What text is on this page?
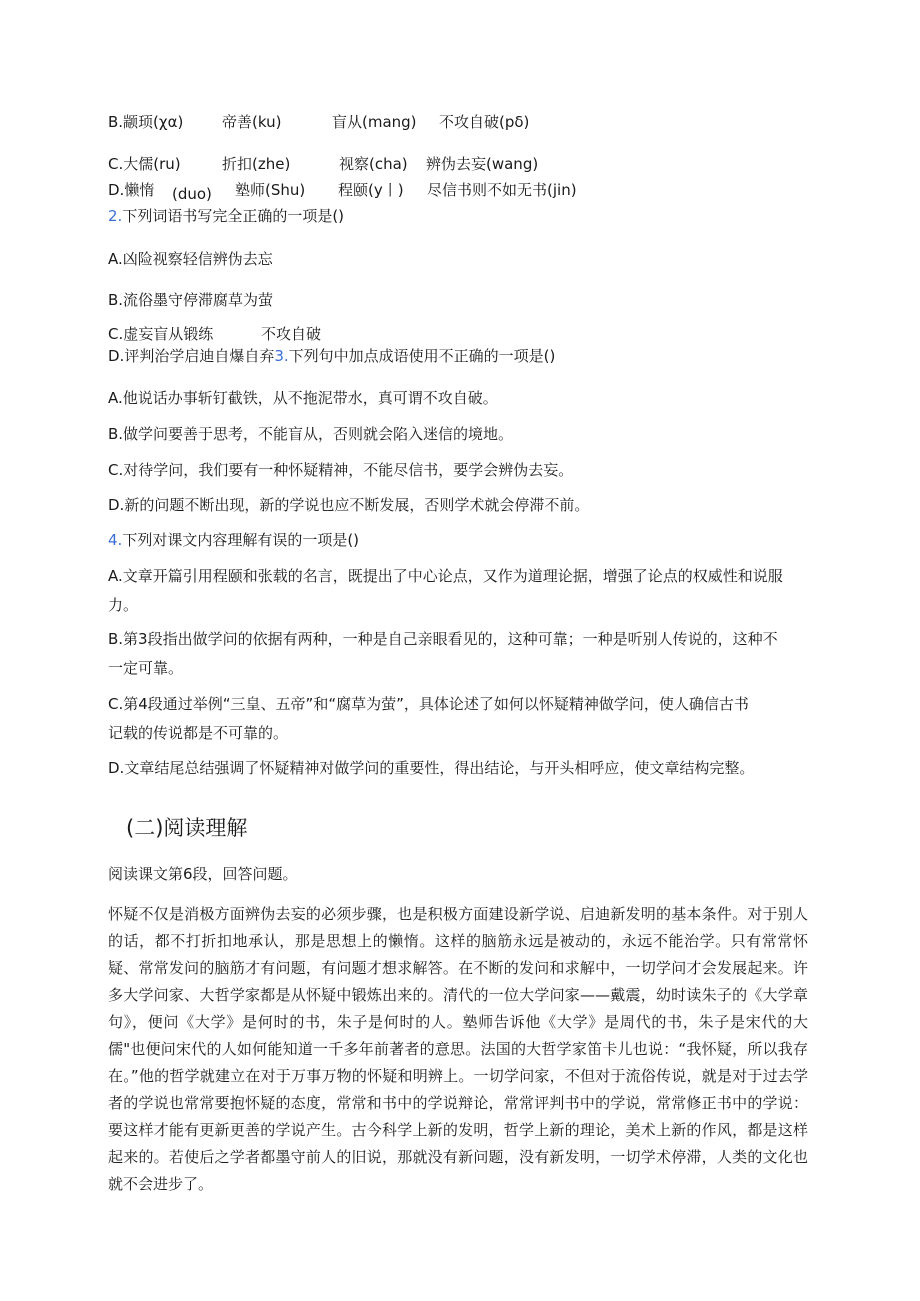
B.颛顼(χα)	帝善(ku)	盲从(mang) 不攻自破(pδ)
C.大儒(ru)	折扣(zhe)	视察(cha) 辨伪去妄(wang)
D.懒惰 (duo) 塾师(Shu) 程颐(y丨) 尽信书则不如无书(jin)
2.下列词语书写完全正确的一项是()
A.凶险视察轻信辨伪去忘
B.流俗墨守停滞腐草为萤
C.虚妄盲从锻练	不攻自破
D.评判治学启迪自爆自弃3.下列句中加点成语使用不正确的一项是()
A.他说话办事斩钉截铁，从不拖泥带水，真可谓不攻自破。
B.做学问要善于思考，不能盲从，否则就会陷入迷信的境地。
C.对待学问，我们要有一种怀疑精神，不能尽信书，要学会辨伪去妄。
D.新的问题不断出现，新的学说也应不断发展，否则学术就会停滞不前。
4.下列对课文内容理解有误的一项是()
A.文章开篇引用程颐和张载的名言，既提出了中心论点，又作为道理论据，增强了论点的权威性和说服
力。
B.第3段指出做学问的依据有两种，一种是自己亲眼看见的，这种可靠；一种是听别人传说的，这种不
一定可靠。
C.第4段通过举例“三皇、五帝”和“腐草为萤”，具体论述了如何以怀疑精神做学问，使人确信古书
记载的传说都是不可靠的。
D.文章结尾总结强调了怀疑精神对做学问的重要性，得出结论，与开头相呼应，使文章结构完整。
(二)阅读理解
阅读课文第6段，回答问题。
怀疑不仅是消极方面辨伪去妄的必须步骤，也是积极方面建设新学说、启迪新发明的基本条件。对于别人的话，都不打折扣地承认，那是思想上的懒惰。这样的脑筋永远是被动的，永远不能治学。只有常常怀疑、常常发问的脑筋才有问题，有问题才想求解答。在不断的发问和求解中，一切学问才会发展起来。许多大学问家、大哲学家都是从怀疑中锻炼出来的。清代的一位大学问家——戴震，幼时读朱子的《大学章句》，便问《大学》是何时的书，朱子是何时的人。塾师告诉他《大学》是周代的书，朱子是宋代的大儒"也便问宋代的人如何能知道一千多年前著者的意思。法国的大哲学家笛卡儿也说：“我怀疑，所以我存在。”他的哲学就建立在对于万事万物的怀疑和明辨上。一切学问家，不但对于流俗传说，就是对于过去学者的学说也常常要抱怀疑的态度，常常和书中的学说辩论，常常评判书中的学说，常常修正书中的学说：要这样才能有更新更善的学说产生。古今科学上新的发明，哲学上新的理论，美术上新的作风，都是这样起来的。若使后之学者都墨守前人的旧说，那就没有新问题，没有新发明，一切学术停滞，人类的文化也就不会进步了。
